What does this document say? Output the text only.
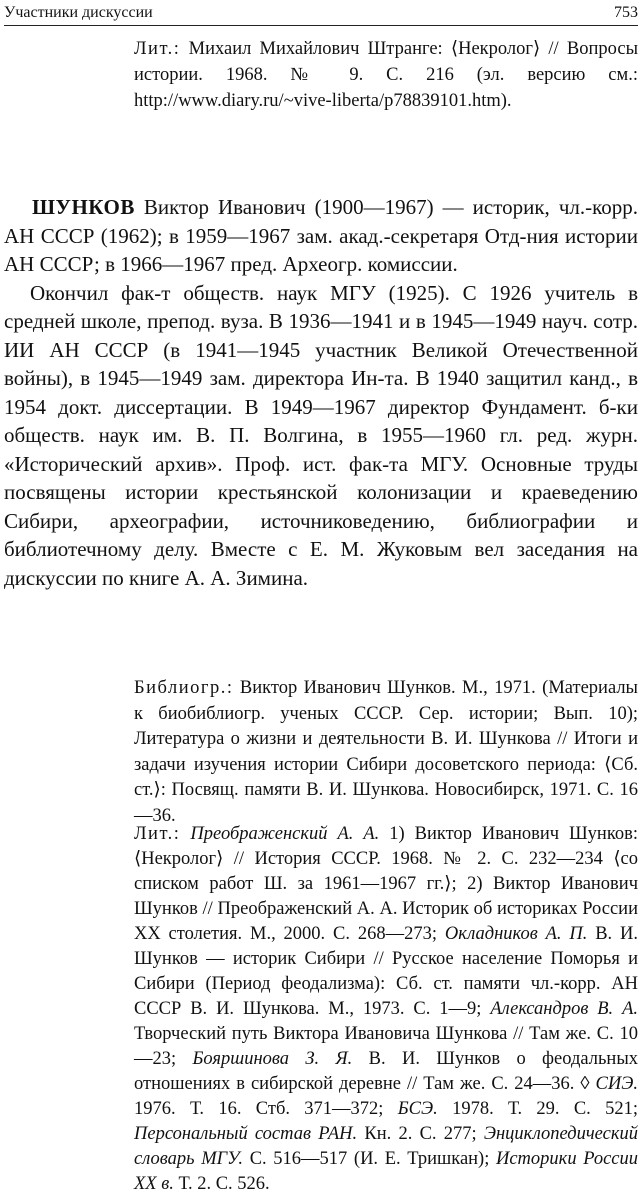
Участники дискуссии	753
Лит.: Михаил Михайлович Штранге: ⟨Некролог⟩ // Вопросы истории. 1968. № 9. С. 216 (эл. версию см.: http://www.diary.ru/~vive-liberta/p78839101.htm).

ШУНКОВ Виктор Иванович (1900—1967) — историк, чл.-корр. АН СССР (1962); в 1959—1967 зам. акад.-секретаря Отд-ния истории АН СССР; в 1966—1967 пред. Археогр. комиссии.

Окончил фак-т обществ. наук МГУ (1925). С 1926 учитель в средней школе, препод. вуза. В 1936—1941 и в 1945—1949 науч. сотр. ИИ АН СССР (в 1941—1945 участник Великой Отечественной войны), в 1945—1949 зам. директора Ин-та. В 1940 защитил канд., в 1954 докт. диссертации. В 1949—1967 директор Фундамент. б-ки обществ. наук им. В. П. Волгина, в 1955—1960 гл. ред. журн. «Исторический архив». Проф. ист. фак-та МГУ. Основные труды посвящены истории крестьянской колонизации и краеведению Сибири, археографии, источниковедению, библиографии и библиотечному делу. Вместе с Е. М. Жуковым вел заседания на дискуссии по книге А. А. Зимина.

Библиогр.: Виктор Иванович Шунков. М., 1971. (Материалы к биобиблиогр. ученых СССР. Сер. истории; Вып. 10); Литература о жизни и деятельности В. И. Шункова // Итоги и задачи изучения истории Сибири досоветского периода: ⟨Сб. ст.⟩: Посвящ. памяти В. И. Шункова. Новосибирск, 1971. С. 16—36.
Лит.: Преображенский А. А. 1) Виктор Иванович Шунков: ⟨Некролог⟩ // История СССР. 1968. № 2. С. 232—234 ⟨со списком работ Ш. за 1961—1967 гг.⟩; 2) Виктор Иванович Шунков // Преображенский А. А. Историк об историках России XX столетия. М., 2000. С. 268—273; Окладников А. П. В. И. Шунков — историк Сибири // Русское население Поморья и Сибири (Период феодализма): Сб. ст. памяти чл.-корр. АН СССР В. И. Шункова. М., 1973. С. 1—9; Александров В. А. Творческий путь Виктора Ивановича Шункова // Там же. С. 10—23; Бояршинова З. Я. В. И. Шунков о феодальных отношениях в сибирской деревне // Там же. С. 24—36. ◊ СИЭ. 1976. Т. 16. Стб. 371—372; БСЭ. 1978. Т. 29. С. 521; Персональный состав РАН. Кн. 2. С. 277; Энциклопедический словарь МГУ. С. 516—517 (И. Е. Тришкан); Историки России XX в. Т. 2. С. 526.
